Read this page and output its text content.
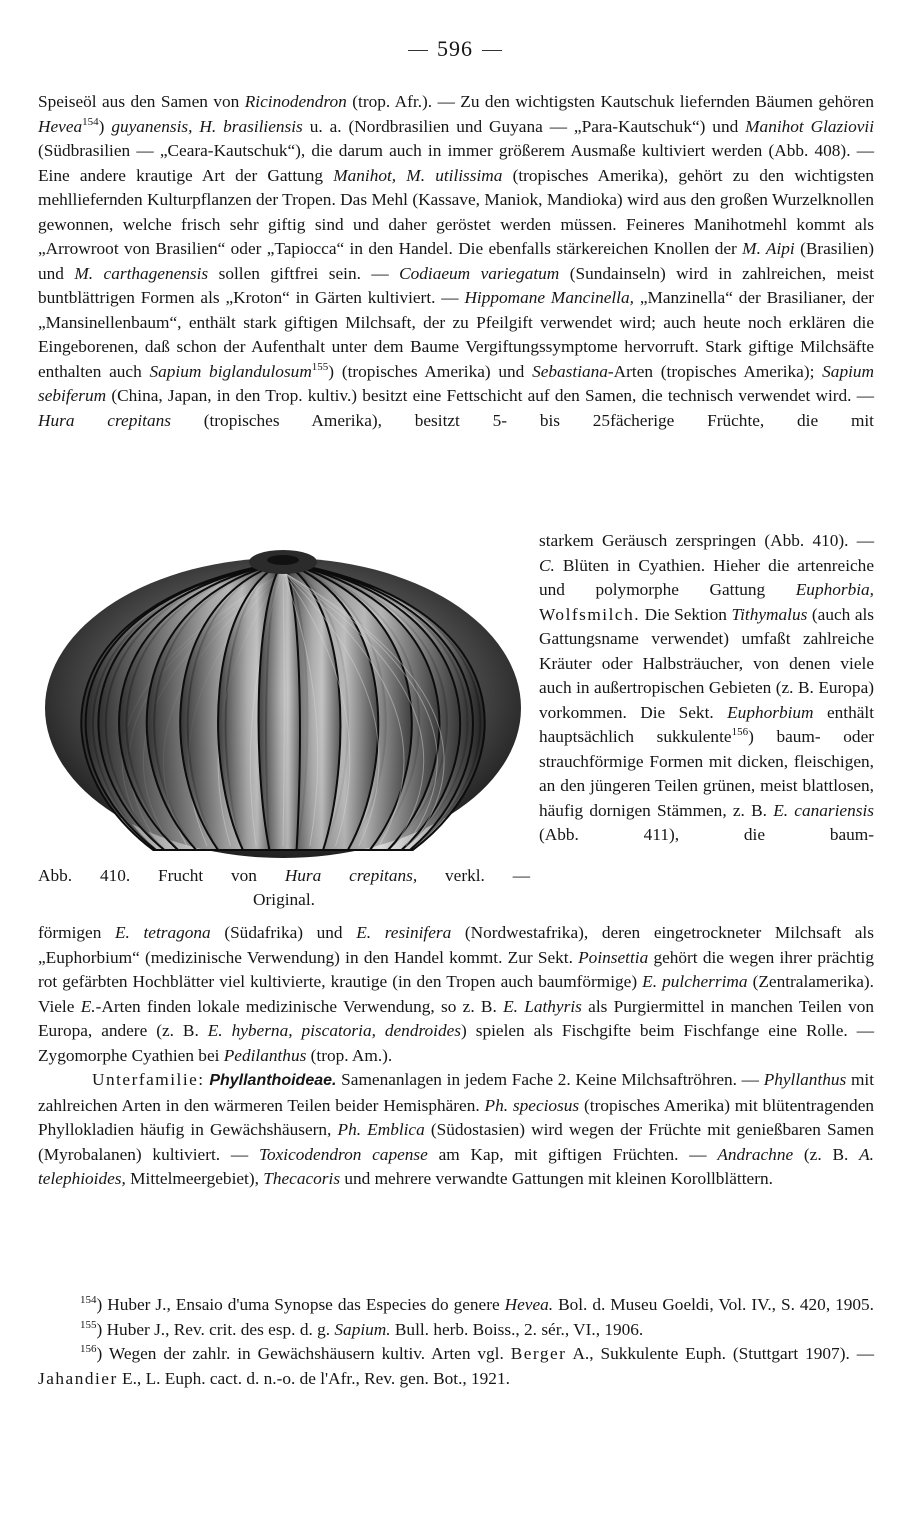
596

Speiseöl aus den Samen von Ricinodendron (trop. Afr.). — Zu den wichtigsten Kautschuk liefernden Bäumen gehören Hevea$^{154}$) guyanensis, H. brasiliensis u. a. (Nordbrasilien und Guyana — „Para-Kautschuk“) und Manihot Glaziovii (Südbrasilien — „Ceara-Kautschuk“), die darum auch in immer größerem Ausmaße kultiviert werden (Abb. 408). — Eine andere krautige Art der Gattung Manihot, M. utilissima (tropisches Amerika), gehört zu den wichtigsten mehlliefernden Kulturpflanzen der Tropen. Das Mehl (Kassave, Maniok, Mandioka) wird aus den großen Wurzelknollen gewonnen, welche frisch sehr giftig sind und daher geröstet werden müssen. Feineres Manihotmehl kommt als „Arrowroot von Brasilien“ oder „Tapiocca“ in den Handel. Die ebenfalls stärkereichen Knollen der M. Aipi (Brasilien) und M. carthagenensis sollen giftfrei sein. — Codiaeum variegatum (Sundainseln) wird in zahlreichen, meist buntblättrigen Formen als „Kroton“ in Gärten kultiviert. — Hippomane Mancinella, „Manzinella“ der Brasilianer, der „Mansinellenbaum“, enthält stark giftigen Milchsaft, der zu Pfeilgift verwendet wird; auch heute noch erklären die Eingeborenen, daß schon der Aufenthalt unter dem Baume Vergiftungssymptome hervorruft. Stark giftige Milchsäfte enthalten auch Sapium biglandulosum$^{155}$) (tropisches Amerika) und Sebastiana-Arten (tropisches Amerika); Sapium sebiferum (China, Japan, in den Trop. kultiv.) besitzt eine Fettschicht auf den Samen, die technisch verwendet wird. — Hura crepitans (tropisches Amerika), besitzt 5- bis 25fächerige Früchte, die mit

Abb. 410. Frucht von Hura crepitans, verkl. —
Original.

starkem Geräusch zerspringen (Abb. 410). — C. Blüten in Cyathien. Hieher die artenreiche und polymorphe Gattung Euphorbia, Wolfsmilch. Die Sektion Tithymalus (auch als Gattungsname verwendet) umfaßt zahlreiche Kräuter oder Halbsträucher, von denen viele auch in außertropischen Gebieten (z. B. Europa) vorkommen. Die Sekt. Euphorbium enthält hauptsächlich sukkulente$^{156}$) baum- oder strauchförmige Formen mit dicken, fleischigen, an den jüngeren Teilen grünen, meist blattlosen, häufig dornigen Stämmen, z. B. E. canariensis (Abb. 411), die baum-

förmigen E. tetragona (Südafrika) und E. resinifera (Nordwestafrika), deren eingetrockneter Milchsaft als „Euphorbium“ (medizinische Verwendung) in den Handel kommt. Zur Sekt. Poinsettia gehört die wegen ihrer prächtig rot gefärbten Hochblätter viel kultivierte, krautige (in den Tropen auch baumförmige) E. pulcherrima (Zentralamerika). Viele E.-Arten finden lokale medizinische Verwendung, so z. B. E. Lathyris als Purgiermittel in manchen Teilen von Europa, andere (z. B. E. hyberna, piscatoria, dendroides) spielen als Fischgifte beim Fischfange eine Rolle. — Zygomorphe Cyathien bei Pedilanthus (trop. Am.).

Unterfamilie: Phyllanthoideae. Samenanlagen in jedem Fache 2. Keine Milchsaftröhren. — Phyllanthus mit zahlreichen Arten in den wärmeren Teilen beider Hemisphären. Ph. speciosus (tropisches Amerika) mit blütentragenden Phyllokladien häufig in Gewächshäusern, Ph. Emblica (Südostasien) wird wegen der Früchte mit genießbaren Samen (Myrobalanen) kultiviert. — Toxicodendron capense am Kap, mit giftigen Früchten. — Andrachne (z. B. A. telephioides, Mittelmeergebiet), Thecacoris und mehrere verwandte Gattungen mit kleinen Korollblättern.

$^{154}$) Huber J., Ensaio d'uma Synopse das Especies do genere Hevea. Bol. d. Museu Goeldi, Vol. IV., S. 420, 1905.

$^{155}$) Huber J., Rev. crit. des esp. d. g. Sapium. Bull. herb. Boiss., 2. sér., VI., 1906.

$^{156}$) Wegen der zahlr. in Gewächshäusern kultiv. Arten vgl. Berger A., Sukkulente Euph. (Stuttgart 1907). — Jahandier E., L. Euph. cact. d. n.-o. de l'Afr., Rev. gen. Bot., 1921.
